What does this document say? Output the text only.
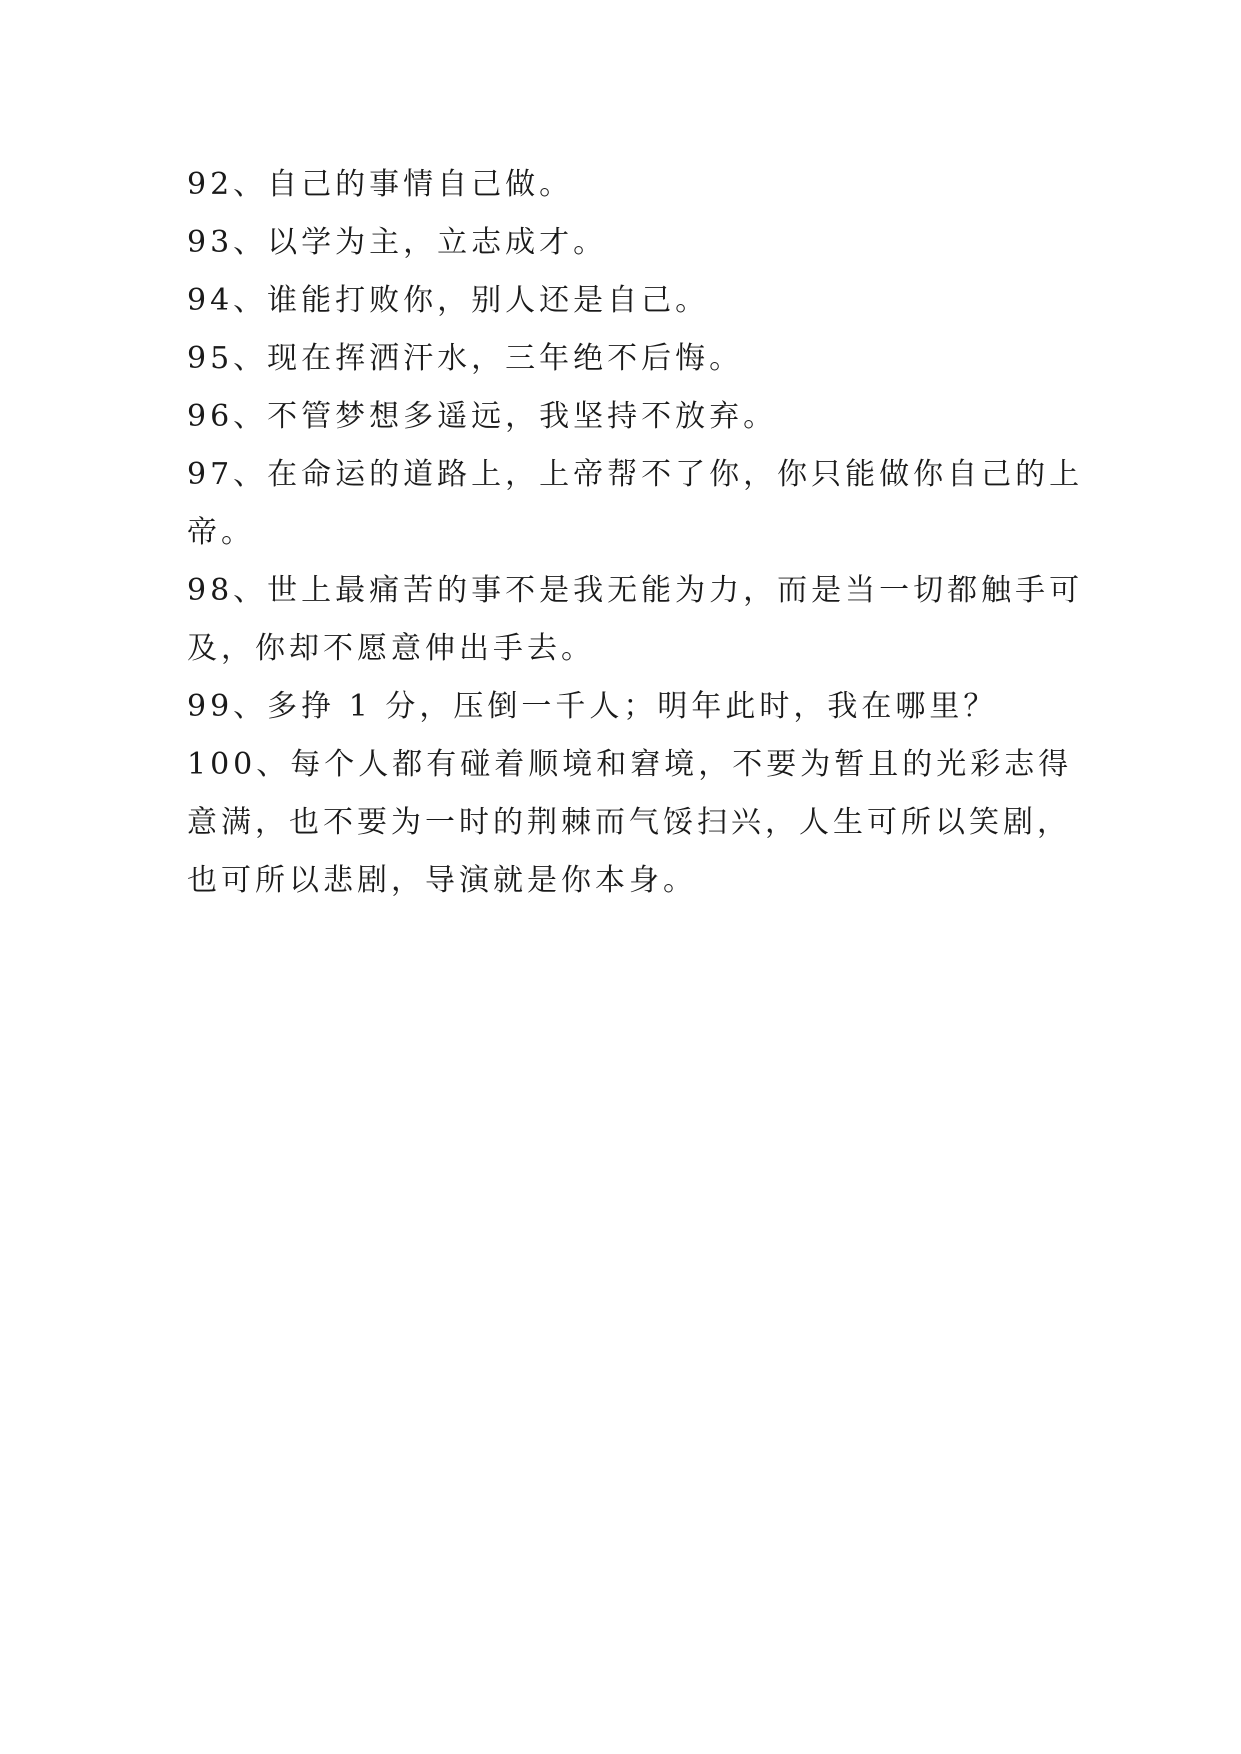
92、自己的事情自己做。

93、以学为主，立志成才。

94、谁能打败你，别人还是自己。

95、现在挥洒汗水，三年绝不后悔。

96、不管梦想多遥远，我坚持不放弃。

97、在命运的道路上，上帝帮不了你，你只能做你自己的上

帝。

98、世上最痛苦的事不是我无能为力，而是当一切都触手可

及，你却不愿意伸出手去。

99、多挣 1 分，压倒一千人；明年此时，我在哪里？

100、每个人都有碰着顺境和窘境，不要为暂且的光彩志得

意满，也不要为一时的荆棘而气馁扫兴，人生可所以笑剧，

也可所以悲剧，导演就是你本身。
